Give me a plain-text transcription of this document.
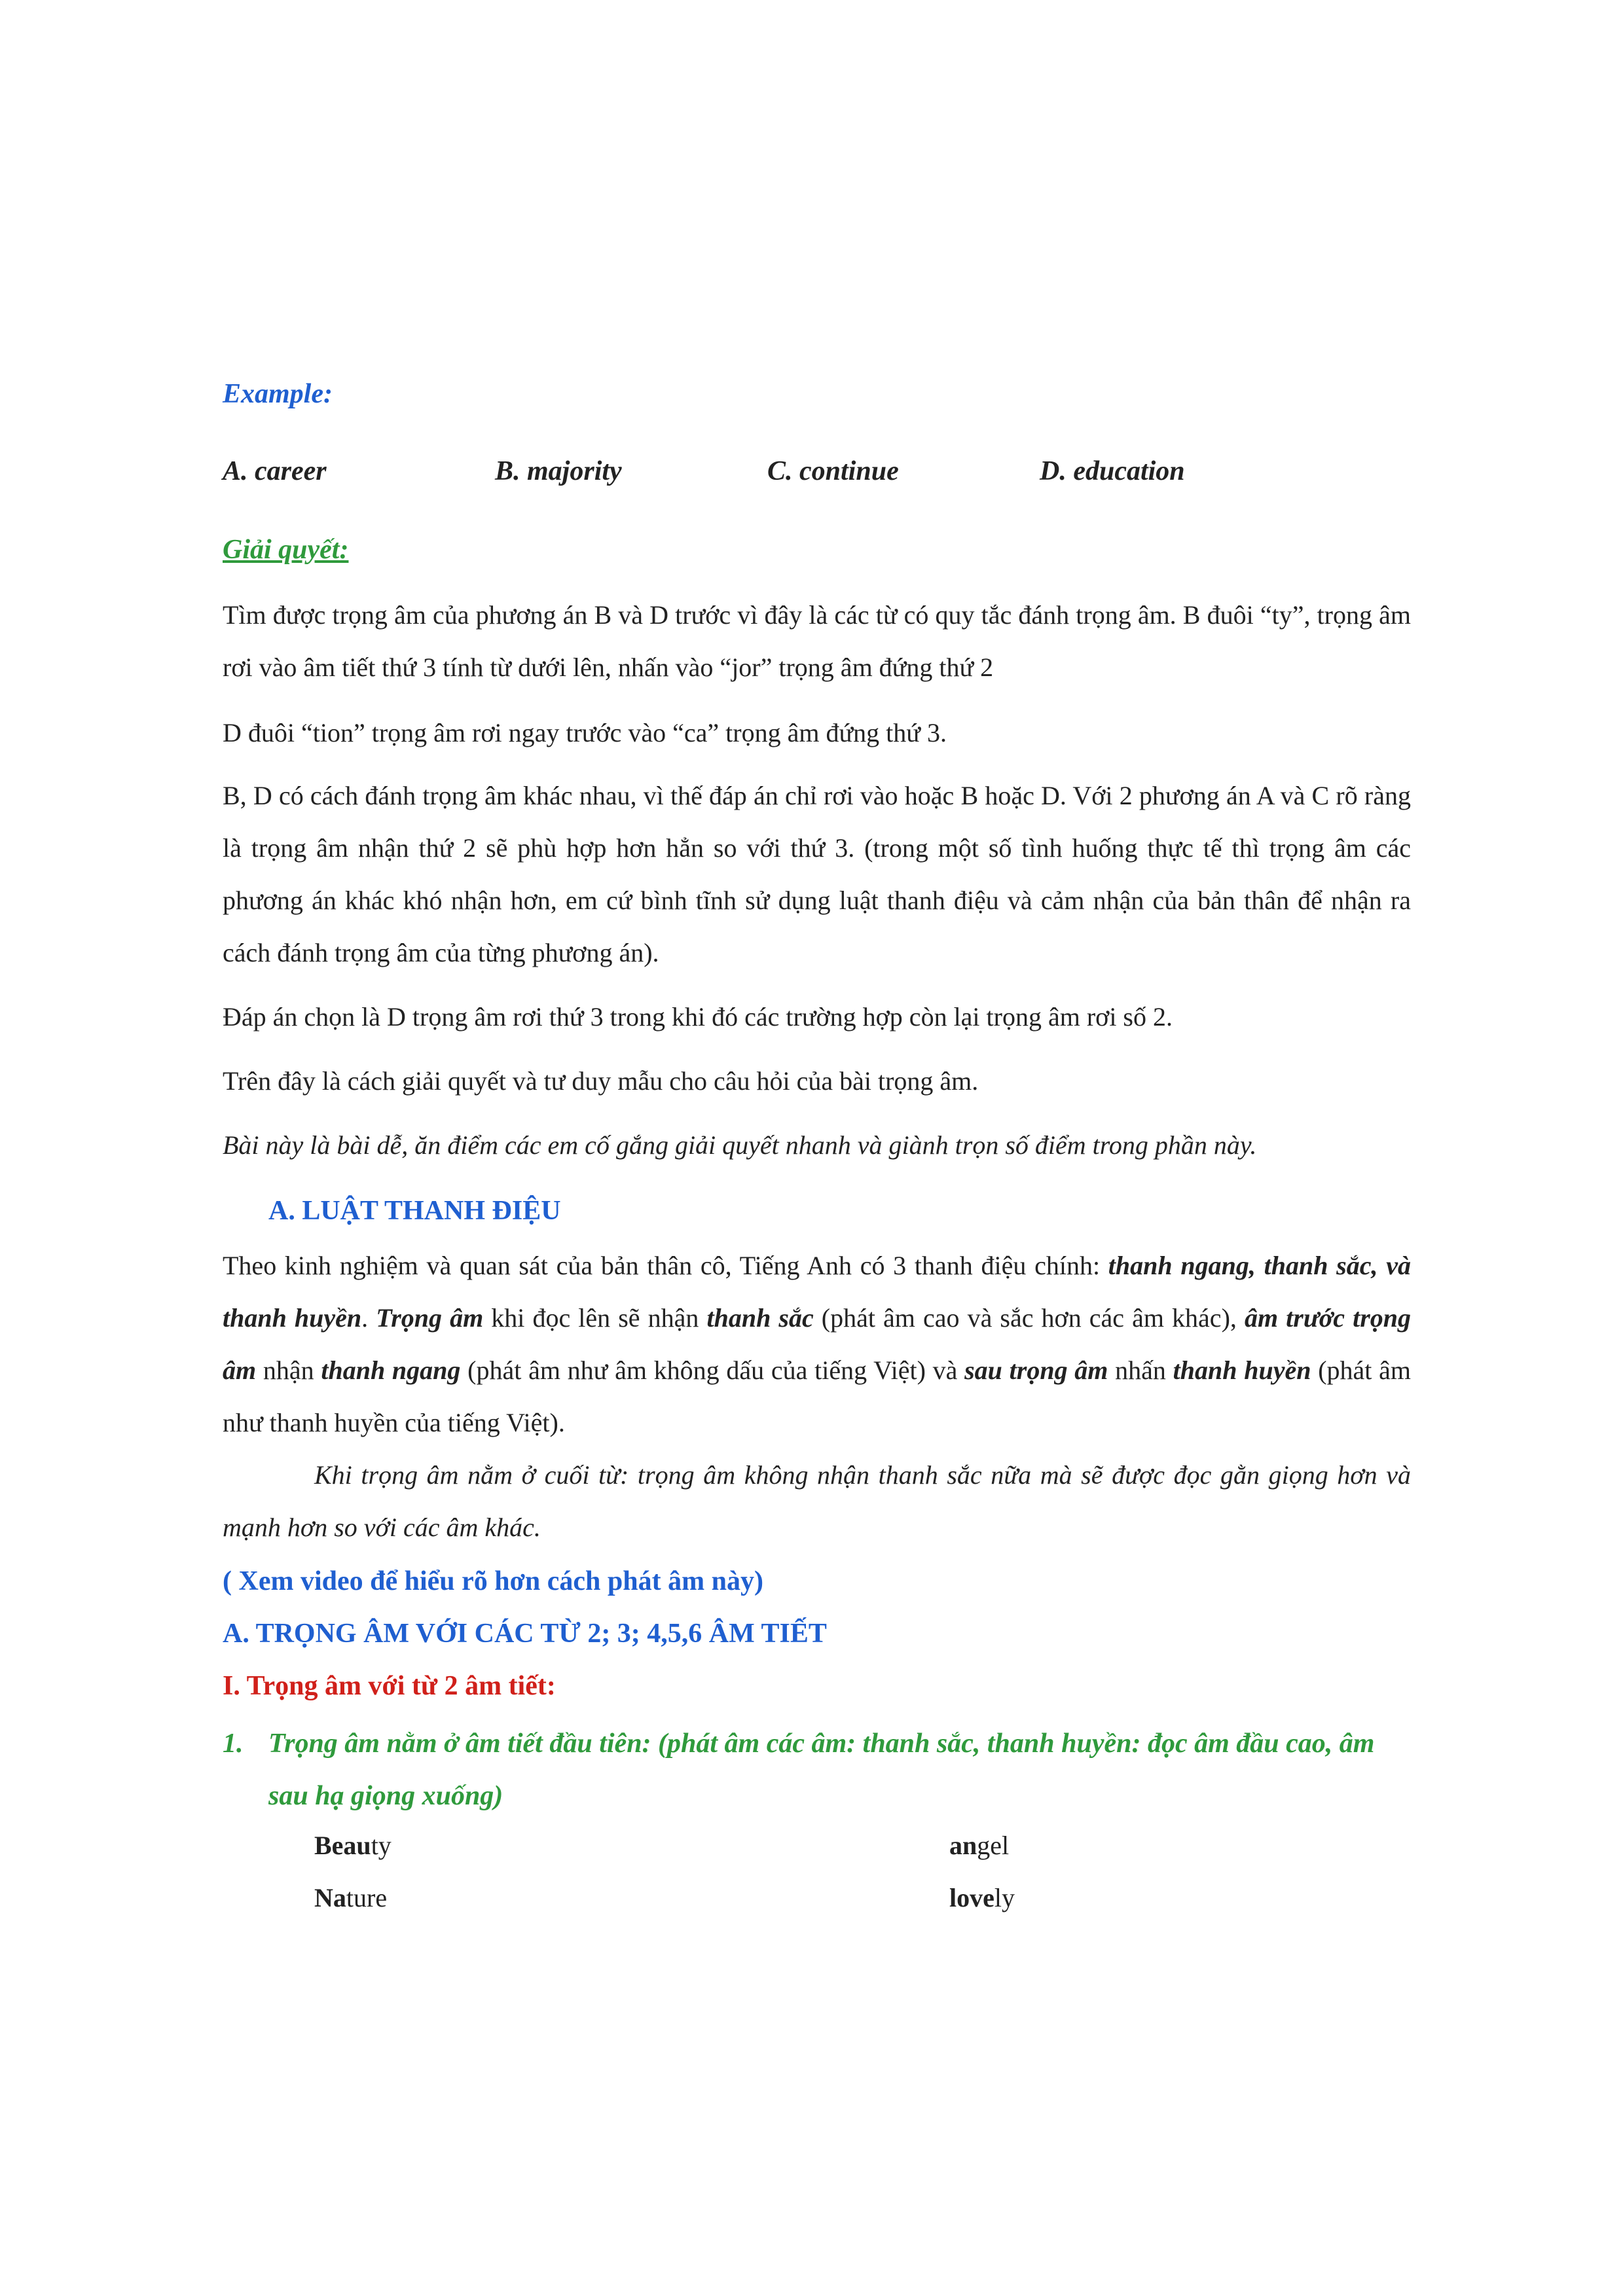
Example:
A. career	B. majority	C. continue	D. education
Giải quyết:
Tìm được trọng âm của phương án B và D trước vì đây là các từ có quy tắc đánh trọng âm. B đuôi “ty”, trọng âm rơi vào âm tiết thứ 3 tính từ dưới lên, nhấn vào “jor” trọng âm đứng thứ 2
D đuôi “tion” trọng âm rơi ngay trước vào “ca” trọng âm đứng thứ 3.
B, D có cách đánh trọng âm khác nhau, vì thế đáp án chỉ rơi vào hoặc B hoặc D. Với 2 phương án A và C rõ ràng là trọng âm nhận thứ 2 sẽ phù hợp hơn hẳn so với thứ 3. (trong một số tình huống thực tế thì trọng âm các phương án khác khó nhận hơn, em cứ bình tĩnh sử dụng luật thanh điệu và cảm nhận của bản thân để nhận ra cách đánh trọng âm của từng phương án).
Đáp án chọn là D trọng âm rơi thứ 3 trong khi đó các trường hợp còn lại trọng âm rơi số 2.
Trên đây là cách giải quyết và tư duy mẫu cho câu hỏi của bài trọng âm.
Bài này là bài dễ, ăn điểm các em cố gắng giải quyết nhanh và giành trọn số điểm trong phần này.
A. LUẬT THANH ĐIỆU
Theo kinh nghiệm và quan sát của bản thân cô, Tiếng Anh có 3 thanh điệu chính: thanh ngang, thanh sắc, và thanh huyền. Trọng âm khi đọc lên sẽ nhận thanh sắc (phát âm cao và sắc hơn các âm khác), âm trước trọng âm nhận thanh ngang (phát âm như âm không dấu của tiếng Việt) và sau trọng âm nhấn thanh huyền (phát âm như thanh huyền của tiếng Việt).
Khi trọng âm nằm ở cuối từ: trọng âm không nhận thanh sắc nữa mà sẽ được đọc gằn giọng hơn và mạnh hơn so với các âm khác.
( Xem video để hiểu rõ hơn cách phát âm này)
A. TRỌNG ÂM VỚI CÁC TỪ 2; 3; 4,5,6 ÂM TIẾT
I. Trọng âm với từ 2 âm tiết:
1. Trọng âm nằm ở âm tiết đầu tiên: (phát âm các âm: thanh sắc, thanh huyền: đọc âm đầu cao, âm sau hạ giọng xuống)
Beauty	angel
Nature	lovely
